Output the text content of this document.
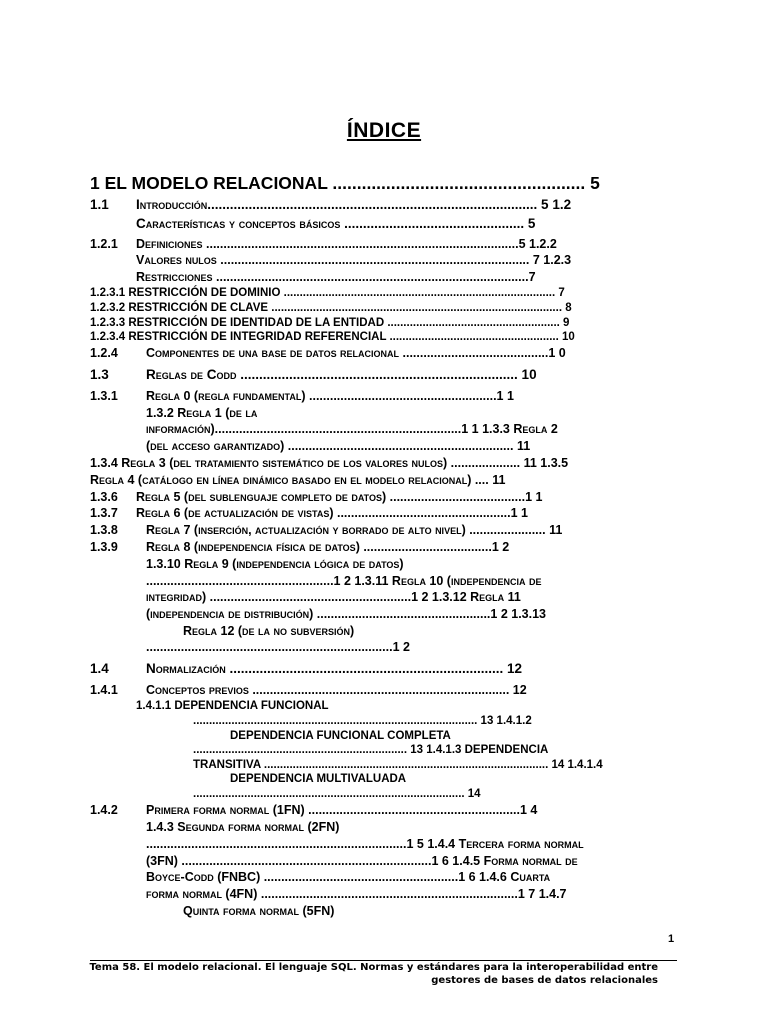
ÍNDICE
1 EL MODELO RELACIONAL .................................................... 5
1.1 Introducción........................................................................................ 5 1.2
Características y conceptos básicos ................................................ 5
1.2.1 Definiciones ..........................................................................................5 1.2.2
Valores nulos ......................................................................................... 7 1.2.3
Restricciones ..........................................................................................7
1.2.3.1 RESTRICCIÓN DE DOMINIO ..................................................................................... 7
1.2.3.2 RESTRICCIÓN DE CLAVE ........................................................................................... 8
1.2.3.3 RESTRICCIÓN DE IDENTIDAD DE LA ENTIDAD ...................................................... 9
1.2.3.4 RESTRICCIÓN DE INTEGRIDAD REFERENCIAL ..................................................... 10
1.2.4 Componentes de una base de datos relacional ..........................................1 0
1.3	Reglas de Codd .......................................................................... 10
1.3.1 Regla 0 (regla fundamental) ......................................................1 1
1.3.2 Regla 1 (de la
información).......................................................................1 1 1.3.3 Regla 2
(del acceso garantizado) ................................................................. 11
1.3.4 Regla 3 (del tratamiento sistemático de los valores nulos) .................... 11 1.3.5
Regla 4 (catálogo en línea dinámico basado en el modelo relacional) .... 11
1.3.6 Regla 5 (del sublenguaje completo de datos) .......................................1 1
1.3.7 Regla 6 (de actualización de vistas) ..................................................1 1
1.3.8 Regla 7 (inserción, actualización y borrado de alto nivel) ...................... 11
1.3.9 Regla 8 (independencia física de datos) .....................................1 2
1.3.10 Regla 9 (independencia lógica de datos)
......................................................1 2 1.3.11 Regla 10 (independencia de
integridad) ..........................................................1 2 1.3.12 Regla 11
(independencia de distribución) ..................................................1 2 1.3.13
Regla 12 (de la no subversión)
.......................................................................1 2
1.4	Normalización ......................................................................... 12
1.4.1 Conceptos previos .......................................................................... 12
1.4.1.1 DEPENDENCIA FUNCIONAL
......................................................................................... 13 1.4.1.2
DEPENDENCIA FUNCIONAL COMPLETA
................................................................... 13 1.4.1.3 DEPENDENCIA
TRANSITIVA ......................................................................................... 14 1.4.1.4
DEPENDENCIA MULTIVALUADA
..................................................................................... 14
1.4.2 Primera forma normal (1FN) .............................................................1 4
1.4.3 Segunda forma normal (2FN)
...........................................................................1 5 1.4.4 Tercera forma normal
(3FN) ........................................................................1 6 1.4.5 Forma normal de
Boyce-Codd (FNBC) ........................................................1 6 1.4.6 Cuarta
forma normal (4FN) ..........................................................................1 7 1.4.7
Quinta forma normal (5FN)
1
Tema 58. El modelo relacional. El lenguaje SQL. Normas y estándares para la interoperabilidad entre
gestores de bases de datos relacionales
